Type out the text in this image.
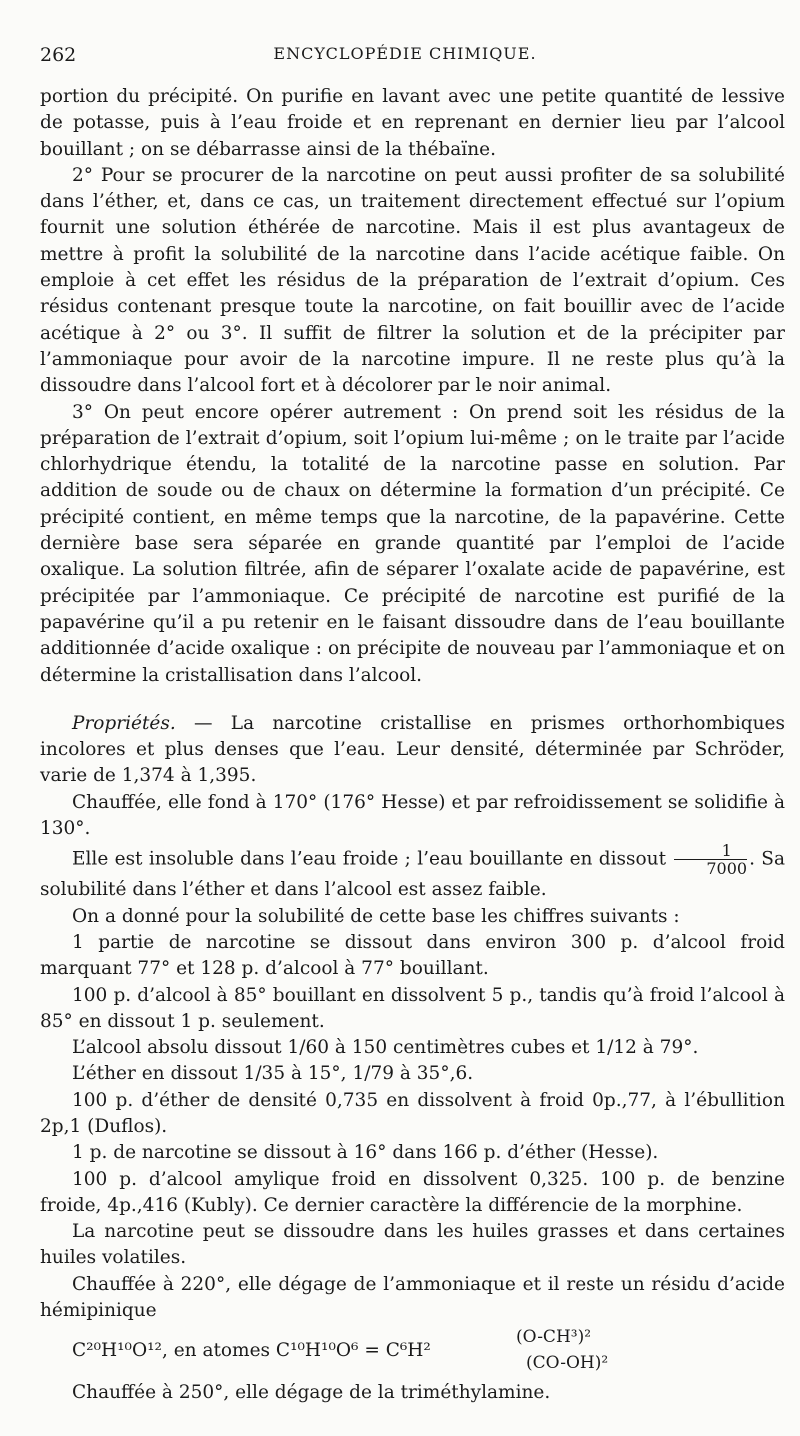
262	ENCYCLOPÉDIE CHIMIQUE.

portion du précipité. On purifie en lavant avec une petite quantité de lessive de potasse, puis à l’eau froide et en reprenant en dernier lieu par l’alcool bouillant ; on se débarrasse ainsi de la thébaïne.

2° Pour se procurer de la narcotine on peut aussi profiter de sa solubilité dans l’éther, et, dans ce cas, un traitement directement effectué sur l’opium fournit une solution éthérée de narcotine. Mais il est plus avantageux de mettre à profit la solubilité de la narcotine dans l’acide acétique faible. On emploie à cet effet les résidus de la préparation de l’extrait d’opium. Ces résidus contenant presque toute la narcotine, on fait bouillir avec de l’acide acétique à 2° ou 3°. Il suffit de filtrer la solution et de la précipiter par l’ammoniaque pour avoir de la narcotine impure. Il ne reste plus qu’à la dissoudre dans l’alcool fort et à décolorer par le noir animal.

3° On peut encore opérer autrement : On prend soit les résidus de la préparation de l’extrait d’opium, soit l’opium lui-même ; on le traite par l’acide chlorhydrique étendu, la totalité de la narcotine passe en solution. Par addition de soude ou de chaux on détermine la formation d’un précipité. Ce précipité contient, en même temps que la narcotine, de la papavérine. Cette dernière base sera séparée en grande quantité par l’emploi de l’acide oxalique. La solution filtrée, afin de séparer l’oxalate acide de papavérine, est précipitée par l’ammoniaque. Ce précipité de narcotine est purifié de la papavérine qu’il a pu retenir en le faisant dissoudre dans de l’eau bouillante additionnée d’acide oxalique : on précipite de nouveau par l’ammoniaque et on détermine la cristallisation dans l’alcool.

Propriétés. — La narcotine cristallise en prismes orthorhombiques incolores et plus denses que l’eau. Leur densité, déterminée par Schröder, varie de 1,374 à 1,395.

Chauffée, elle fond à 170° (176° Hesse) et par refroidissement se solidifie à 130°.

Elle est insoluble dans l’eau froide ; l’eau bouillante en dissout $\frac{1}{7000}$ . Sa solubilité dans l’éther et dans l’alcool est assez faible.

On a donné pour la solubilité de cette base les chiffres suivants :

1 partie de narcotine se dissout dans environ 300 p. d’alcool froid marquant 77° et 128 p. d’alcool à 77° bouillant.

100 p. d’alcool à 85° bouillant en dissolvent 5 p., tandis qu’à froid l’alcool à 85° en dissout 1 p. seulement.

L’alcool absolu dissout 1/60 à 150 centimètres cubes et 1/12 à 79°.

L’éther en dissout 1/35 à 15°, 1/79 à 35°,6.

100 p. d’éther de densité 0,735 en dissolvent à froid 0p.,77, à l’ébullition 2p,1 (Duflos).

1 p. de narcotine se dissout à 16° dans 166 p. d’éther (Hesse).

100 p. d’alcool amylique froid en dissolvent 0,325. 100 p. de benzine froide, 4p.,416 (Kubly). Ce dernier caractère la différencie de la morphine.

La narcotine peut se dissoudre dans les huiles grasses et dans certaines huiles volatiles.

Chauffée à 220°, elle dégage de l’ammoniaque et il reste un résidu d’acide hémipinique

C²⁰H¹⁰O¹², en atomes C¹⁰H¹⁰O⁶ = C⁶H²
(O-CH³)²
(CO-OH)²

Chauffée à 250°, elle dégage de la triméthylamine.
